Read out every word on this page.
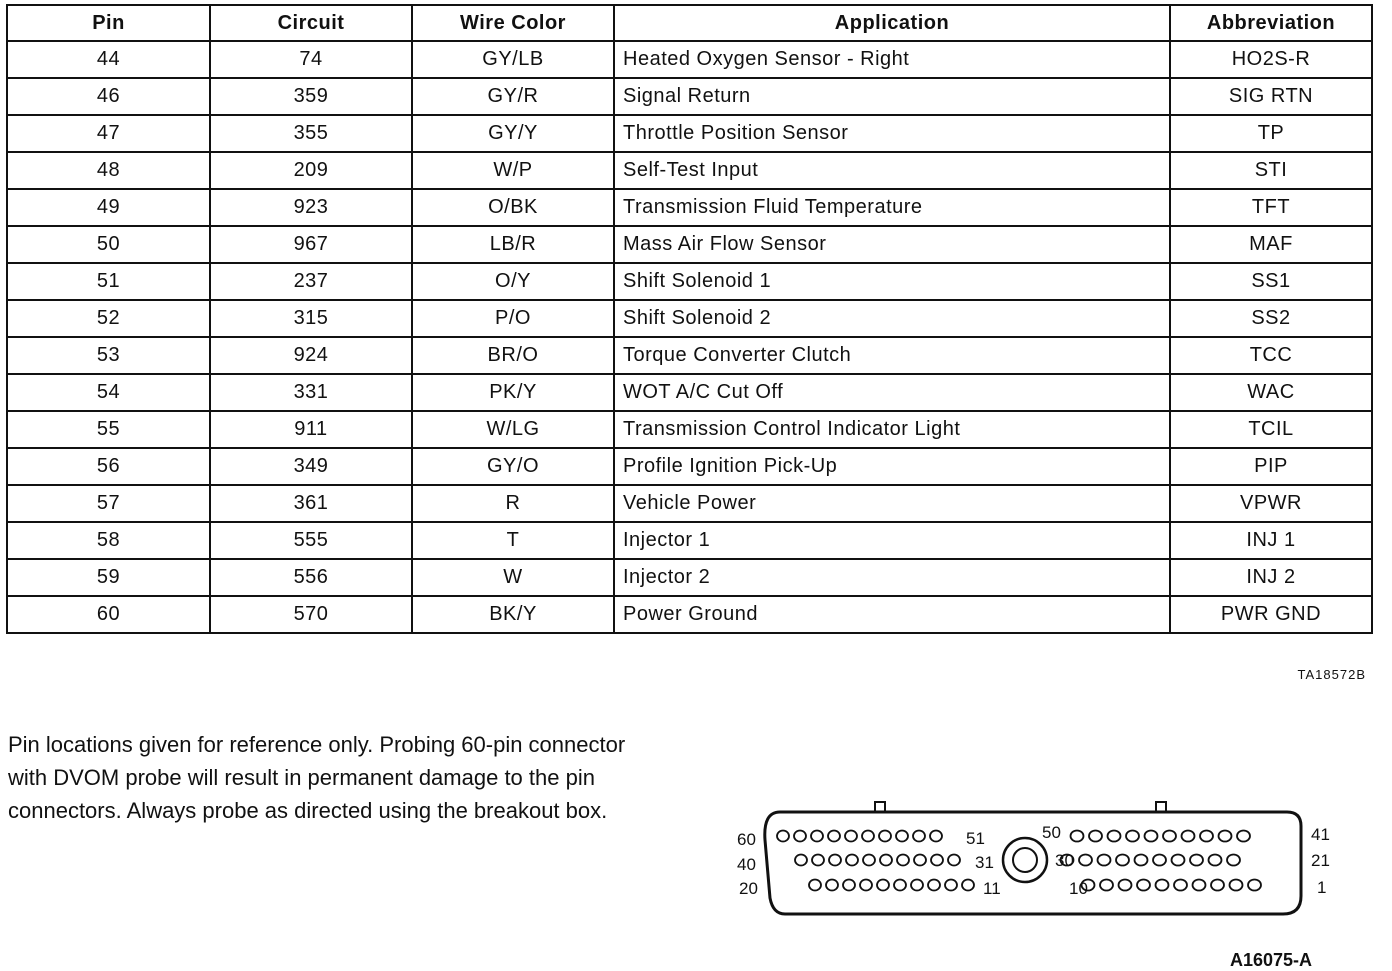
Pin	Circuit	Wire Color	Application	Abbreviation
44	74	GY/LB	Heated Oxygen Sensor - Right	HO2S-R
46	359	GY/R	Signal Return	SIG RTN
47	355	GY/Y	Throttle Position Sensor	TP
48	209	W/P	Self-Test Input	STI
49	923	O/BK	Transmission Fluid Temperature	TFT
50	967	LB/R	Mass Air Flow Sensor	MAF
51	237	O/Y	Shift Solenoid 1	SS1
52	315	P/O	Shift Solenoid 2	SS2
53	924	BR/O	Torque Converter Clutch	TCC
54	331	PK/Y	WOT A/C Cut Off	WAC
55	911	W/LG	Transmission Control Indicator Light	TCIL
56	349	GY/O	Profile Ignition Pick-Up	PIP
57	361	R	Vehicle Power	VPWR
58	555	T	Injector 1	INJ 1
59	556	W	Injector 2	INJ 2
60	570	BK/Y	Power Ground	PWR GND
TA18572B

Pin locations given for reference only. Probing 60-pin connector with DVOM probe will result in permanent damage to the pin connectors. Always probe as directed using the breakout box.

60
40
20
41
21
1
51	50
31	30
11	10
A16075-A
